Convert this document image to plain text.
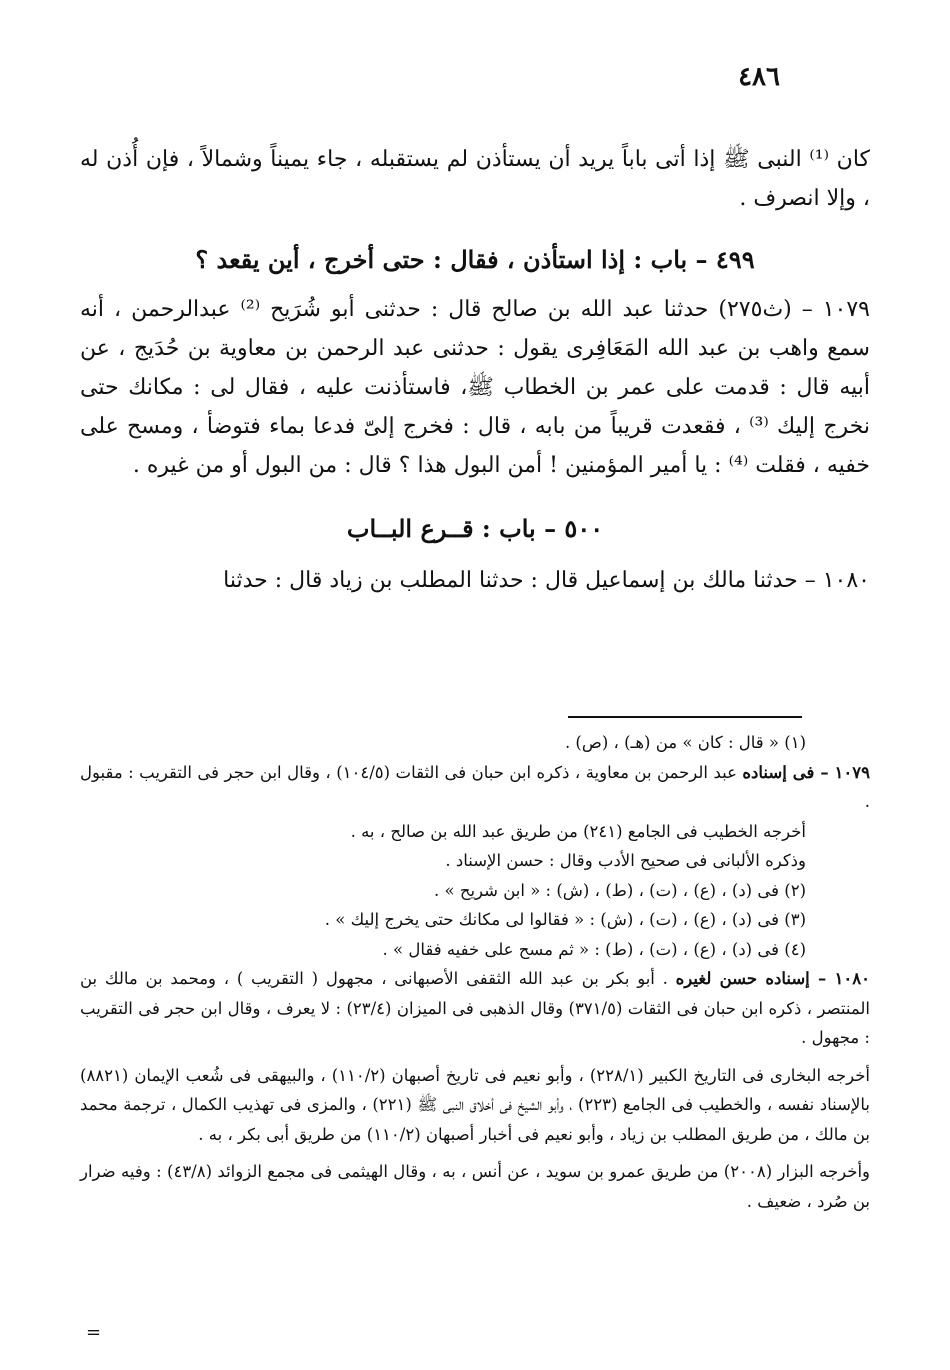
٤٨٦

كان ⁽¹⁾ النبى ﷺ إذا أتى باباً يريد أن يستأذن لم يستقبله ، جاء يميناً وشمالاً ، فإن أُذن له ، وإلا انصرف .

٤٩٩ – باب : إذا استأذن ، فقال : حتى أخرج ، أين يقعد ؟

١٠٧٩ – (ث٢٧٥) حدثنا عبد الله بن صالح قال : حدثنى أبو شُرَيح ⁽²⁾ عبدالرحمن ، أنه سمع واهب بن عبد الله المَعَافِرى يقول : حدثنى عبد الرحمن بن معاوية بن حُدَيج ، عن أبيه قال : قدمت على عمر بن الخطاب ﷺ، فاستأذنت عليه ، فقال لى : مكانك حتى نخرج إليك ⁽³⁾ ، فقعدت قريباً من بابه ، قال : فخرج إلىّ فدعا بماء فتوضأ ، ومسح على خفيه ، فقلت ⁽⁴⁾ : يا أمير المؤمنين ! أمن البول هذا ؟ قال : من البول أو من غيره .

٥٠٠ – باب : قــرع البــاب

١٠٨٠ – حدثنا مالك بن إسماعيل قال : حدثنا المطلب بن زياد قال : حدثنا

(١) « قال : كان » من (هـ) ، (ص) .

١٠٧٩ – فى إسناده عبد الرحمن بن معاوية ، ذكره ابن حبان فى الثقات (١٠٤/٥) ، وقال ابن حجر فى التقريب : مقبول .

أخرجه الخطيب فى الجامع (٢٤١) من طريق عبد الله بن صالح ، به .

وذكره الألبانى فى صحيح الأدب وقال : حسن الإسناد .

(٢) فى (د) ، (ع) ، (ت) ، (ط) ، (ش) : « ابن شريح » .

(٣) فى (د) ، (ع) ، (ت) ، (ش) : « فقالوا لى مكانك حتى يخرج إليك » .

(٤) فى (د) ، (ع) ، (ت) ، (ط) : « ثم مسح على خفيه فقال » .

١٠٨٠ – إسناده حسن لغيره . أبو بكر بن عبد الله الثقفى الأصبهانى ، مجهول ( التقريب ) ، ومحمد بن مالك بن المنتصر ، ذكره ابن حبان فى الثقات (٣٧١/٥) وقال الذهبى فى الميزان (٢٣/٤) : لا يعرف ، وقال ابن حجر فى التقريب : مجهول .

أخرجه البخارى فى التاريخ الكبير (٢٢٨/١) ، وأبو نعيم فى تاريخ أصبهان (١١٠/٢) ، والبيهقى فى شُعب الإيمان (٨٨٢١) بالإسناد نفسه ، والخطيب فى الجامع (٢٢٣) ، وأبو الشيخ فى أخلاق النبى ﷺ (٢٢١) ، والمزى فى تهذيب الكمال ، ترجمة محمد بن مالك ، من طريق المطلب بن زياد ، وأبو نعيم فى أخبار أصبهان (١١٠/٢) من طريق أبى بكر ، به .

وأخرجه البزار (٢٠٠٨) من طريق عمرو بن سويد ، عن أنس ، به ، وقال الهيثمى فى مجمع الزوائد (٤٣/٨) : وفيه ضرار بن صُرد ، ضعيف .

=
